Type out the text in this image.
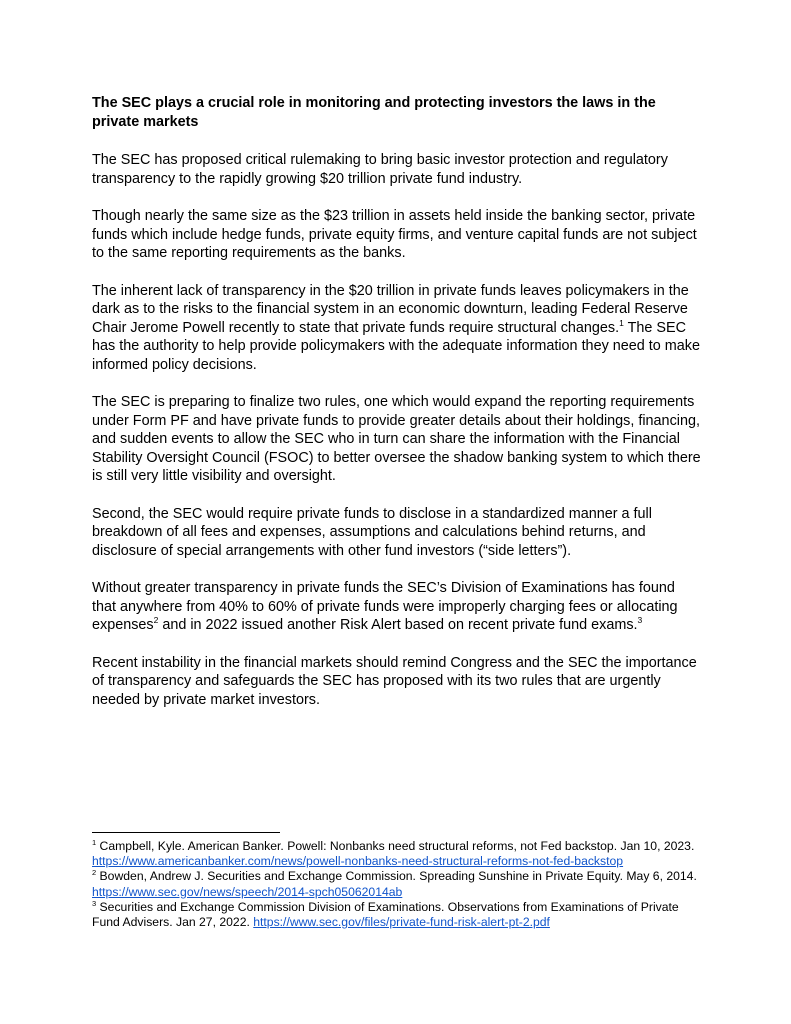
The SEC plays a crucial role in monitoring and protecting investors the laws in the private markets

The SEC has proposed critical rulemaking to bring basic investor protection and regulatory transparency to the rapidly growing $20 trillion private fund industry.

Though nearly the same size as the $23 trillion in assets held inside the banking sector, private funds which include hedge funds, private equity firms, and venture capital funds are not subject to the same reporting requirements as the banks.

The inherent lack of transparency in the $20 trillion in private funds leaves policymakers in the dark as to the risks to the financial system in an economic downturn, leading Federal Reserve Chair Jerome Powell recently to state that private funds require structural changes.$^1$ The SEC has the authority to help provide policymakers with the adequate information they need to make informed policy decisions.

The SEC is preparing to finalize two rules, one which would expand the reporting requirements under Form PF and have private funds to provide greater details about their holdings, financing, and sudden events to allow the SEC who in turn can share the information with the Financial Stability Oversight Council (FSOC) to better oversee the shadow banking system to which there is still very little visibility and oversight.

Second, the SEC would require private funds to disclose in a standardized manner a full breakdown of all fees and expenses, assumptions and calculations behind returns, and disclosure of special arrangements with other fund investors (“side letters”).

Without greater transparency in private funds the SEC’s Division of Examinations has found that anywhere from 40% to 60% of private funds were improperly charging fees or allocating expenses$^2$ and in 2022 issued another Risk Alert based on recent private fund exams.$^3$

Recent instability in the financial markets should remind Congress and the SEC the importance of transparency and safeguards the SEC has proposed with its two rules that are urgently needed by private market investors.

$^1$ Campbell, Kyle. American Banker. Powell: Nonbanks need structural reforms, not Fed backstop. Jan 10, 2023. https://www.americanbanker.com/news/powell-nonbanks-need-structural-reforms-not-fed-backstop

$^2$ Bowden, Andrew J. Securities and Exchange Commission. Spreading Sunshine in Private Equity. May 6, 2014. https://www.sec.gov/news/speech/2014-spch05062014ab

$^3$ Securities and Exchange Commission Division of Examinations. Observations from Examinations of Private Fund Advisers. Jan 27, 2022. https://www.sec.gov/files/private-fund-risk-alert-pt-2.pdf
